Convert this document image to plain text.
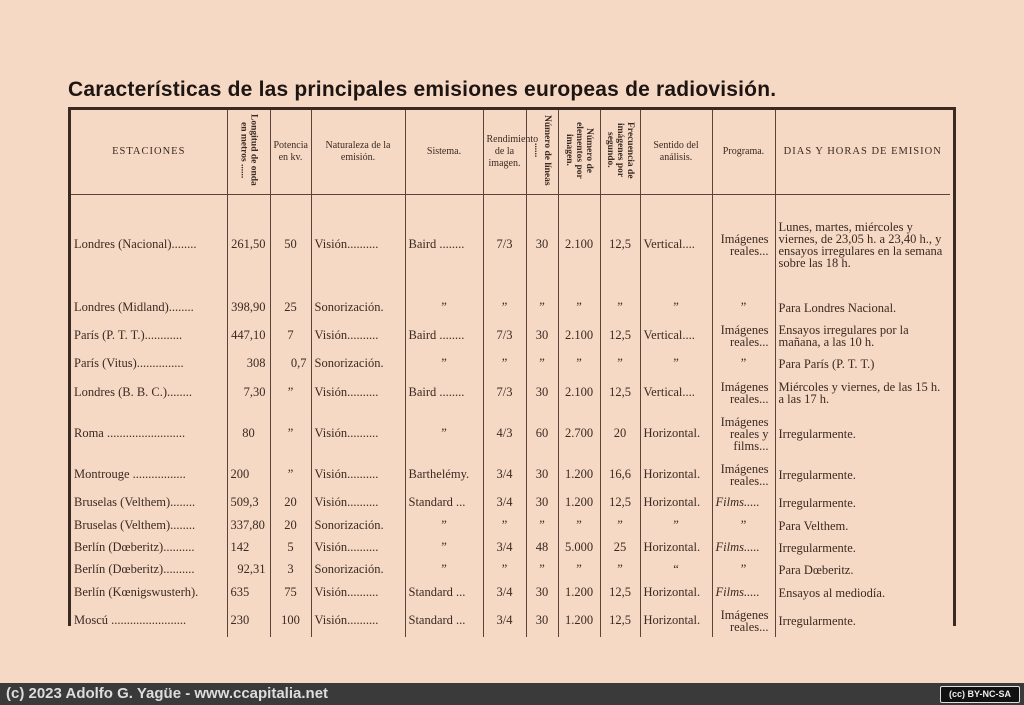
Características de las principales emisiones europeas de radiovisión.
ESTACIONES	Longitud de onda en metros ......	Potencia en kv.	Naturaleza de la emisión.	Sistema.	Rendimiento de la imagen.	Número de líneas ......	Número de elementos por imagen.	Frecuencia de imágenes por segundo.	Sentido del análisis.	Programa.	DIAS Y HORAS DE EMISION
Londres (Nacional)........	261,50	50	Visión..........	Baird ........	7/3	30	2.100	12,5	Vertical....	Imágenes reales...	Lunes, martes, miércoles y viernes, de 23,05 h. a 23,40 h., y ensayos irregulares en la semana sobre las 18 h.
Londres (Midland)........	398,90	25	Sonorización.	”	”	”	”	”	”	”	Para Londres Nacional.
París (P. T. T.)............	447,10	7	Visión..........	Baird ........	7/3	30	2.100	12,5	Vertical....	Imágenes reales...	Ensayos irregulares por la mañana, a las 10 h.
París (Vitus)...............	308	0,7	Sonorización.	”	”	”	”	”	”	”	Para París (P. T. T.)
Londres (B. B. C.)........	7,30	”	Visión..........	Baird ........	7/3	30	2.100	12,5	Vertical....	Imágenes reales...	Miércoles y viernes, de las 15 h. a las 17 h.
Roma .........................	80	”	Visión..........	”	4/3	60	2.700	20	Horizontal.	Imágenes reales y films...	Irregularmente.
Montrouge .................	200	”	Visión..........	Barthelémy.	3/4	30	1.200	16,6	Horizontal.	Imágenes reales...	Irregularmente.
Bruselas (Velthem)........	509,3	20	Visión..........	Standard ...	3/4	30	1.200	12,5	Horizontal.	Films.....	Irregularmente.
Bruselas (Velthem)........	337,80	20	Sonorización.	”	”	”	”	”	”	”	Para Velthem.
Berlín (Dœberitz)..........	142	5	Visión..........	”	3/4	48	5.000	25	Horizontal.	Films.....	Irregularmente.
Berlín (Dœberitz)..........	92,31	3	Sonorización.	”	”	”	”	”	“	”	Para Dœberitz.
Berlín (Kœnigswusterh).	635	75	Visión..........	Standard ...	3/4	30	1.200	12,5	Horizontal.	Films.....	Ensayos al mediodía.
Moscú ........................	230	100	Visión..........	Standard ...	3/4	30	1.200	12,5	Horizontal.	Imágenes reales...	Irregularmente.
(c) 2023 Adolfo G. Yagüe - www.ccapitalia.net	(cc) BY-NC-SA
